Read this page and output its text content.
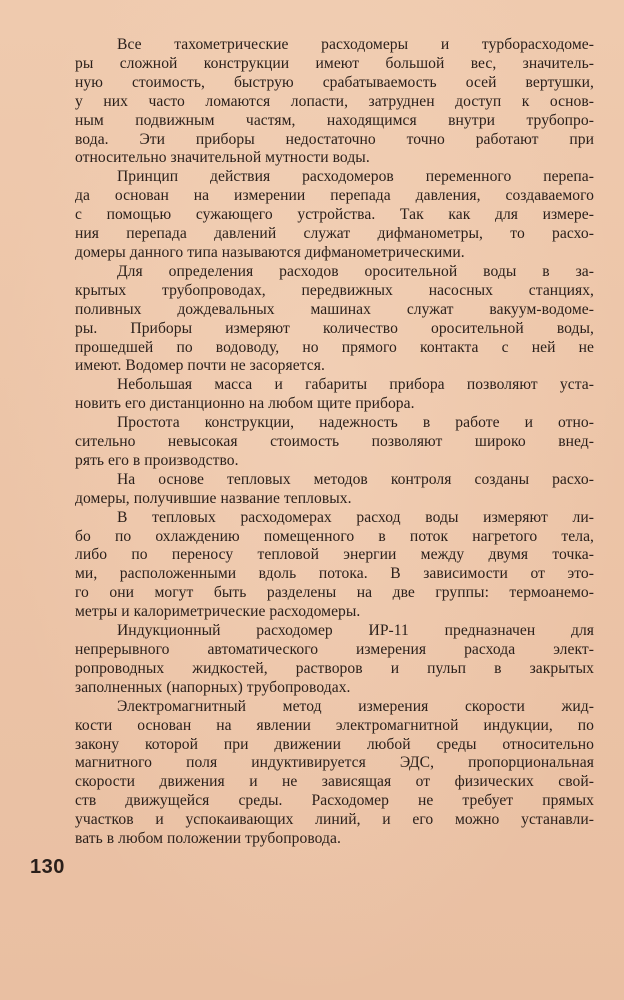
Все тахометрические расходомеры и турборасходоме-
ры сложной конструкции имеют большой вес, значитель-
ную стоимость, быструю срабатываемость осей вертушки,
у них часто ломаются лопасти, затруднен доступ к основ-
ным подвижным частям, находящимся внутри трубопро-
вода. Эти приборы недостаточно точно работают при
относительно значительной мутности воды.

Принцип действия расходомеров переменного перепа-
да основан на измерении перепада давления, создаваемого
с помощью сужающего устройства. Так как для измере-
ния перепада давлений служат дифманометры, то расхо-
домеры данного типа называются дифманометрическими.

Для определения расходов оросительной воды в за-
крытых трубопроводах, передвижных насосных станциях,
поливных дождевальных машинах служат вакуум-водоме-
ры. Приборы измеряют количество оросительной воды,
прошедшей по водоводу, но прямого контакта с ней не
имеют. Водомер почти не засоряется.

Небольшая масса и габариты прибора позволяют уста-
новить его дистанционно на любом щите прибора.

Простота конструкции, надежность в работе и отно-
сительно невысокая стоимость позволяют широко внед-
рять его в производство.

На основе тепловых методов контроля созданы расхо-
домеры, получившие название тепловых.

В тепловых расходомерах расход воды измеряют ли-
бо по охлаждению помещенного в поток нагретого тела,
либо по переносу тепловой энергии между двумя точка-
ми, расположенными вдоль потока. В зависимости от это-
го они могут быть разделены на две группы: термоанемо-
метры и калориметрические расходомеры.

Индукционный расходомер ИР-11 предназначен для
непрерывного автоматического измерения расхода элект-
ропроводных жидкостей, растворов и пульп в закрытых
заполненных (напорных) трубопроводах.

Электромагнитный метод измерения скорости жид-
кости основан на явлении электромагнитной индукции, по
закону которой при движении любой среды относительно
магнитного поля индуктивируется ЭДС, пропорциональная
скорости движения и не зависящая от физических свой-
ств движущейся среды. Расходомер не требует прямых
участков и успокаивающих линий, и его можно устанавли-
вать в любом положении трубопровода.

130
